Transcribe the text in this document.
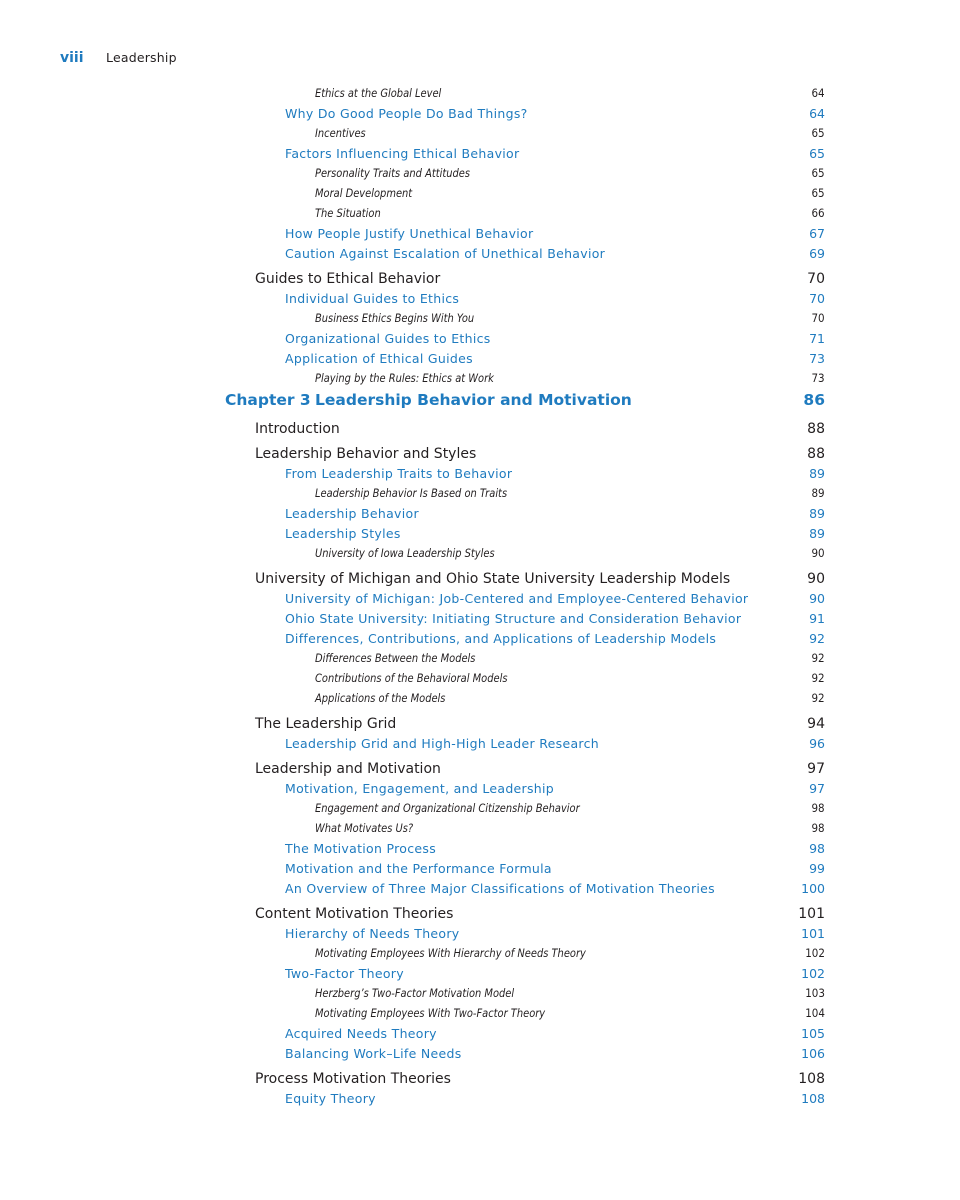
viii	Leadership
Ethics at the Global Level	64
Why Do Good People Do Bad Things?	64
Incentives	65
Factors Influencing Ethical Behavior	65
Personality Traits and Attitudes	65
Moral Development	65
The Situation	66
How People Justify Unethical Behavior	67
Caution Against Escalation of Unethical Behavior	69
Guides to Ethical Behavior	70
Individual Guides to Ethics	70
Business Ethics Begins With You	70
Organizational Guides to Ethics	71
Application of Ethical Guides	73
Playing by the Rules: Ethics at Work	73
Chapter 3 Leadership Behavior and Motivation	86
Introduction	88
Leadership Behavior and Styles	88
From Leadership Traits to Behavior	89
Leadership Behavior Is Based on Traits	89
Leadership Behavior	89
Leadership Styles	89
University of Iowa Leadership Styles	90
University of Michigan and Ohio State University Leadership Models	90
University of Michigan: Job-Centered and Employee-Centered Behavior	90
Ohio State University: Initiating Structure and Consideration Behavior	91
Differences, Contributions, and Applications of Leadership Models	92
Differences Between the Models	92
Contributions of the Behavioral Models	92
Applications of the Models	92
The Leadership Grid	94
Leadership Grid and High-High Leader Research	96
Leadership and Motivation	97
Motivation, Engagement, and Leadership	97
Engagement and Organizational Citizenship Behavior	98
What Motivates Us?	98
The Motivation Process	98
Motivation and the Performance Formula	99
An Overview of Three Major Classifications of Motivation Theories	100
Content Motivation Theories	101
Hierarchy of Needs Theory	101
Motivating Employees With Hierarchy of Needs Theory	102
Two-Factor Theory	102
Herzberg’s Two-Factor Motivation Model	103
Motivating Employees With Two-Factor Theory	104
Acquired Needs Theory	105
Balancing Work–Life Needs	106
Process Motivation Theories	108
Equity Theory	108
